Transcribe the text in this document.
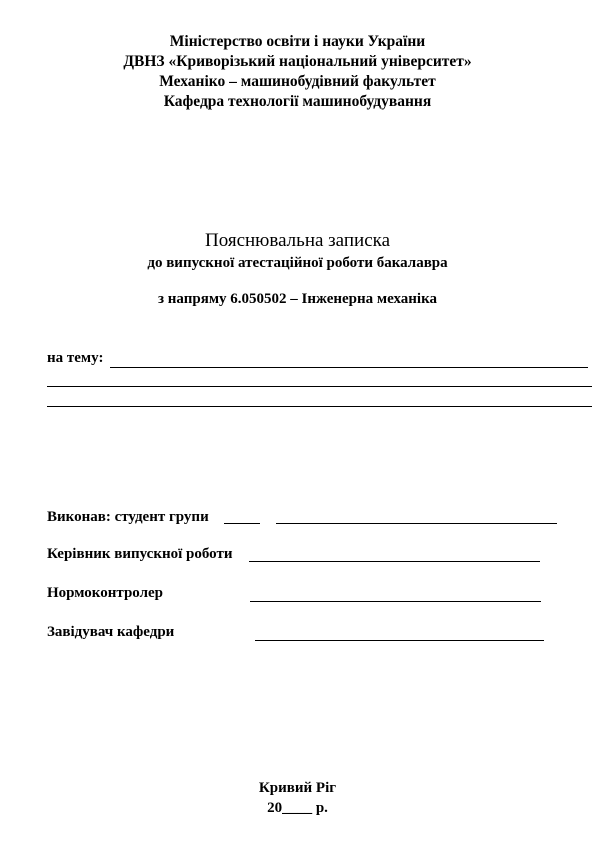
Міністерство освіти і науки України
ДВНЗ «Криворізький національний університет»
Механіко – машинобудівний факультет
Кафедра технології машинобудування
Пояснювальна записка
до випускної атестаційної роботи бакалавра
з напряму 6.050502 – Інженерна механіка
на тему:
Виконав: студент групи
Керівник випускної роботи
Нормоконтролер
Завідувач кафедри
Кривий Ріг
20____ р.
